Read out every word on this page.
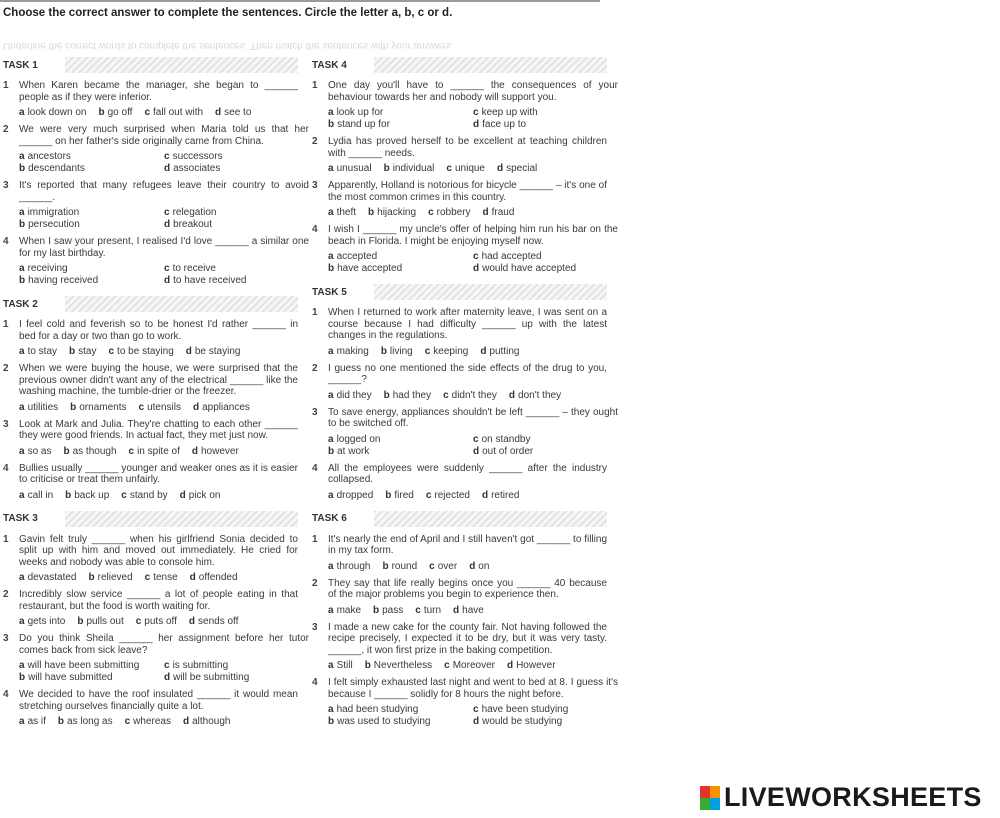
Choose the correct answer to complete the sentences. Circle the letter a, b, c or d.
Underline the correct words to complete the sentences. Then match the sentences with your answers.
TASK 1
1	When Karen became the manager, she began to ______ people as if they were inferior.
a look down on b go off c fall out with d see to
2	We were very much surprised when Maria told us that her ______ on her father's side originally came from China.
a ancestors	c successors
b descendants	d associates
3	It's reported that many refugees leave their country to avoid ______.
a immigration	c relegation
b persecution	d breakout
4	When I saw your present, I realised I'd love ______ a similar one for my last birthday.
a receiving	c to receive
b having received	d to have received
TASK 2
1	I feel cold and feverish so to be honest I'd rather ______ in bed for a day or two than go to work.
a to stay b stay c to be staying d be staying
2	When we were buying the house, we were surprised that the previous owner didn't want any of the electrical ______ like the washing machine, the tumble-drier or the freezer.
a utilities b ornaments c utensils d appliances
3	Look at Mark and Julia. They're chatting to each other ______ they were good friends. In actual fact, they met just now.
a so as b as though c in spite of d however
4	Bullies usually ______ younger and weaker ones as it is easier to criticise or treat them unfairly.
a call in b back up c stand by d pick on
TASK 3
1	Gavin felt truly ______ when his girlfriend Sonia decided to split up with him and moved out immediately. He cried for weeks and nobody was able to console him.
a devastated b relieved c tense d offended
2	Incredibly slow service ______ a lot of people eating in that restaurant, but the food is worth waiting for.
a gets into b pulls out c puts off d sends off
3	Do you think Sheila ______ her assignment before her tutor comes back from sick leave?
a will have been submitting	c is submitting
b will have submitted	d will be submitting
4	We decided to have the roof insulated ______ it would mean stretching ourselves financially quite a lot.
a as if b as long as c whereas d although
TASK 4
1	One day you'll have to ______ the consequences of your behaviour towards her and nobody will support you.
a look up for	c keep up with
b stand up for	d face up to
2	Lydia has proved herself to be excellent at teaching children with ______ needs.
a unusual b individual c unique d special
3	Apparently, Holland is notorious for bicycle ______ – it's one of the most common crimes in this country.
a theft b hijacking c robbery d fraud
4	I wish I ______ my uncle's offer of helping him run his bar on the beach in Florida. I might be enjoying myself now.
a accepted	c had accepted
b have accepted	d would have accepted
TASK 5
1	When I returned to work after maternity leave, I was sent on a course because I had difficulty ______ up with the latest changes in the regulations.
a making b living c keeping d putting
2	I guess no one mentioned the side effects of the drug to you, ______?
a did they b had they c didn't they d don't they
3	To save energy, appliances shouldn't be left ______ – they ought to be switched off.
a logged on	c on standby
b at work	d out of order
4	All the employees were suddenly ______ after the industry collapsed.
a dropped b fired c rejected d retired
TASK 6
1	It's nearly the end of April and I still haven't got ______ to filling in my tax form.
a through b round c over d on
2	They say that life really begins once you ______ 40 because of the major problems you begin to experience then.
a make b pass c turn d have
3	I made a new cake for the county fair. Not having followed the recipe precisely, I expected it to be dry, but it was very tasty. ______, it won first prize in the baking competition.
a Still b Nevertheless c Moreover d However
4	I felt simply exhausted last night and went to bed at 8. I guess it's because I ______ solidly for 8 hours the night before.
a had been studying	c have been studying
b was used to studying	d would be studying
LIVEWORKSHEETS
